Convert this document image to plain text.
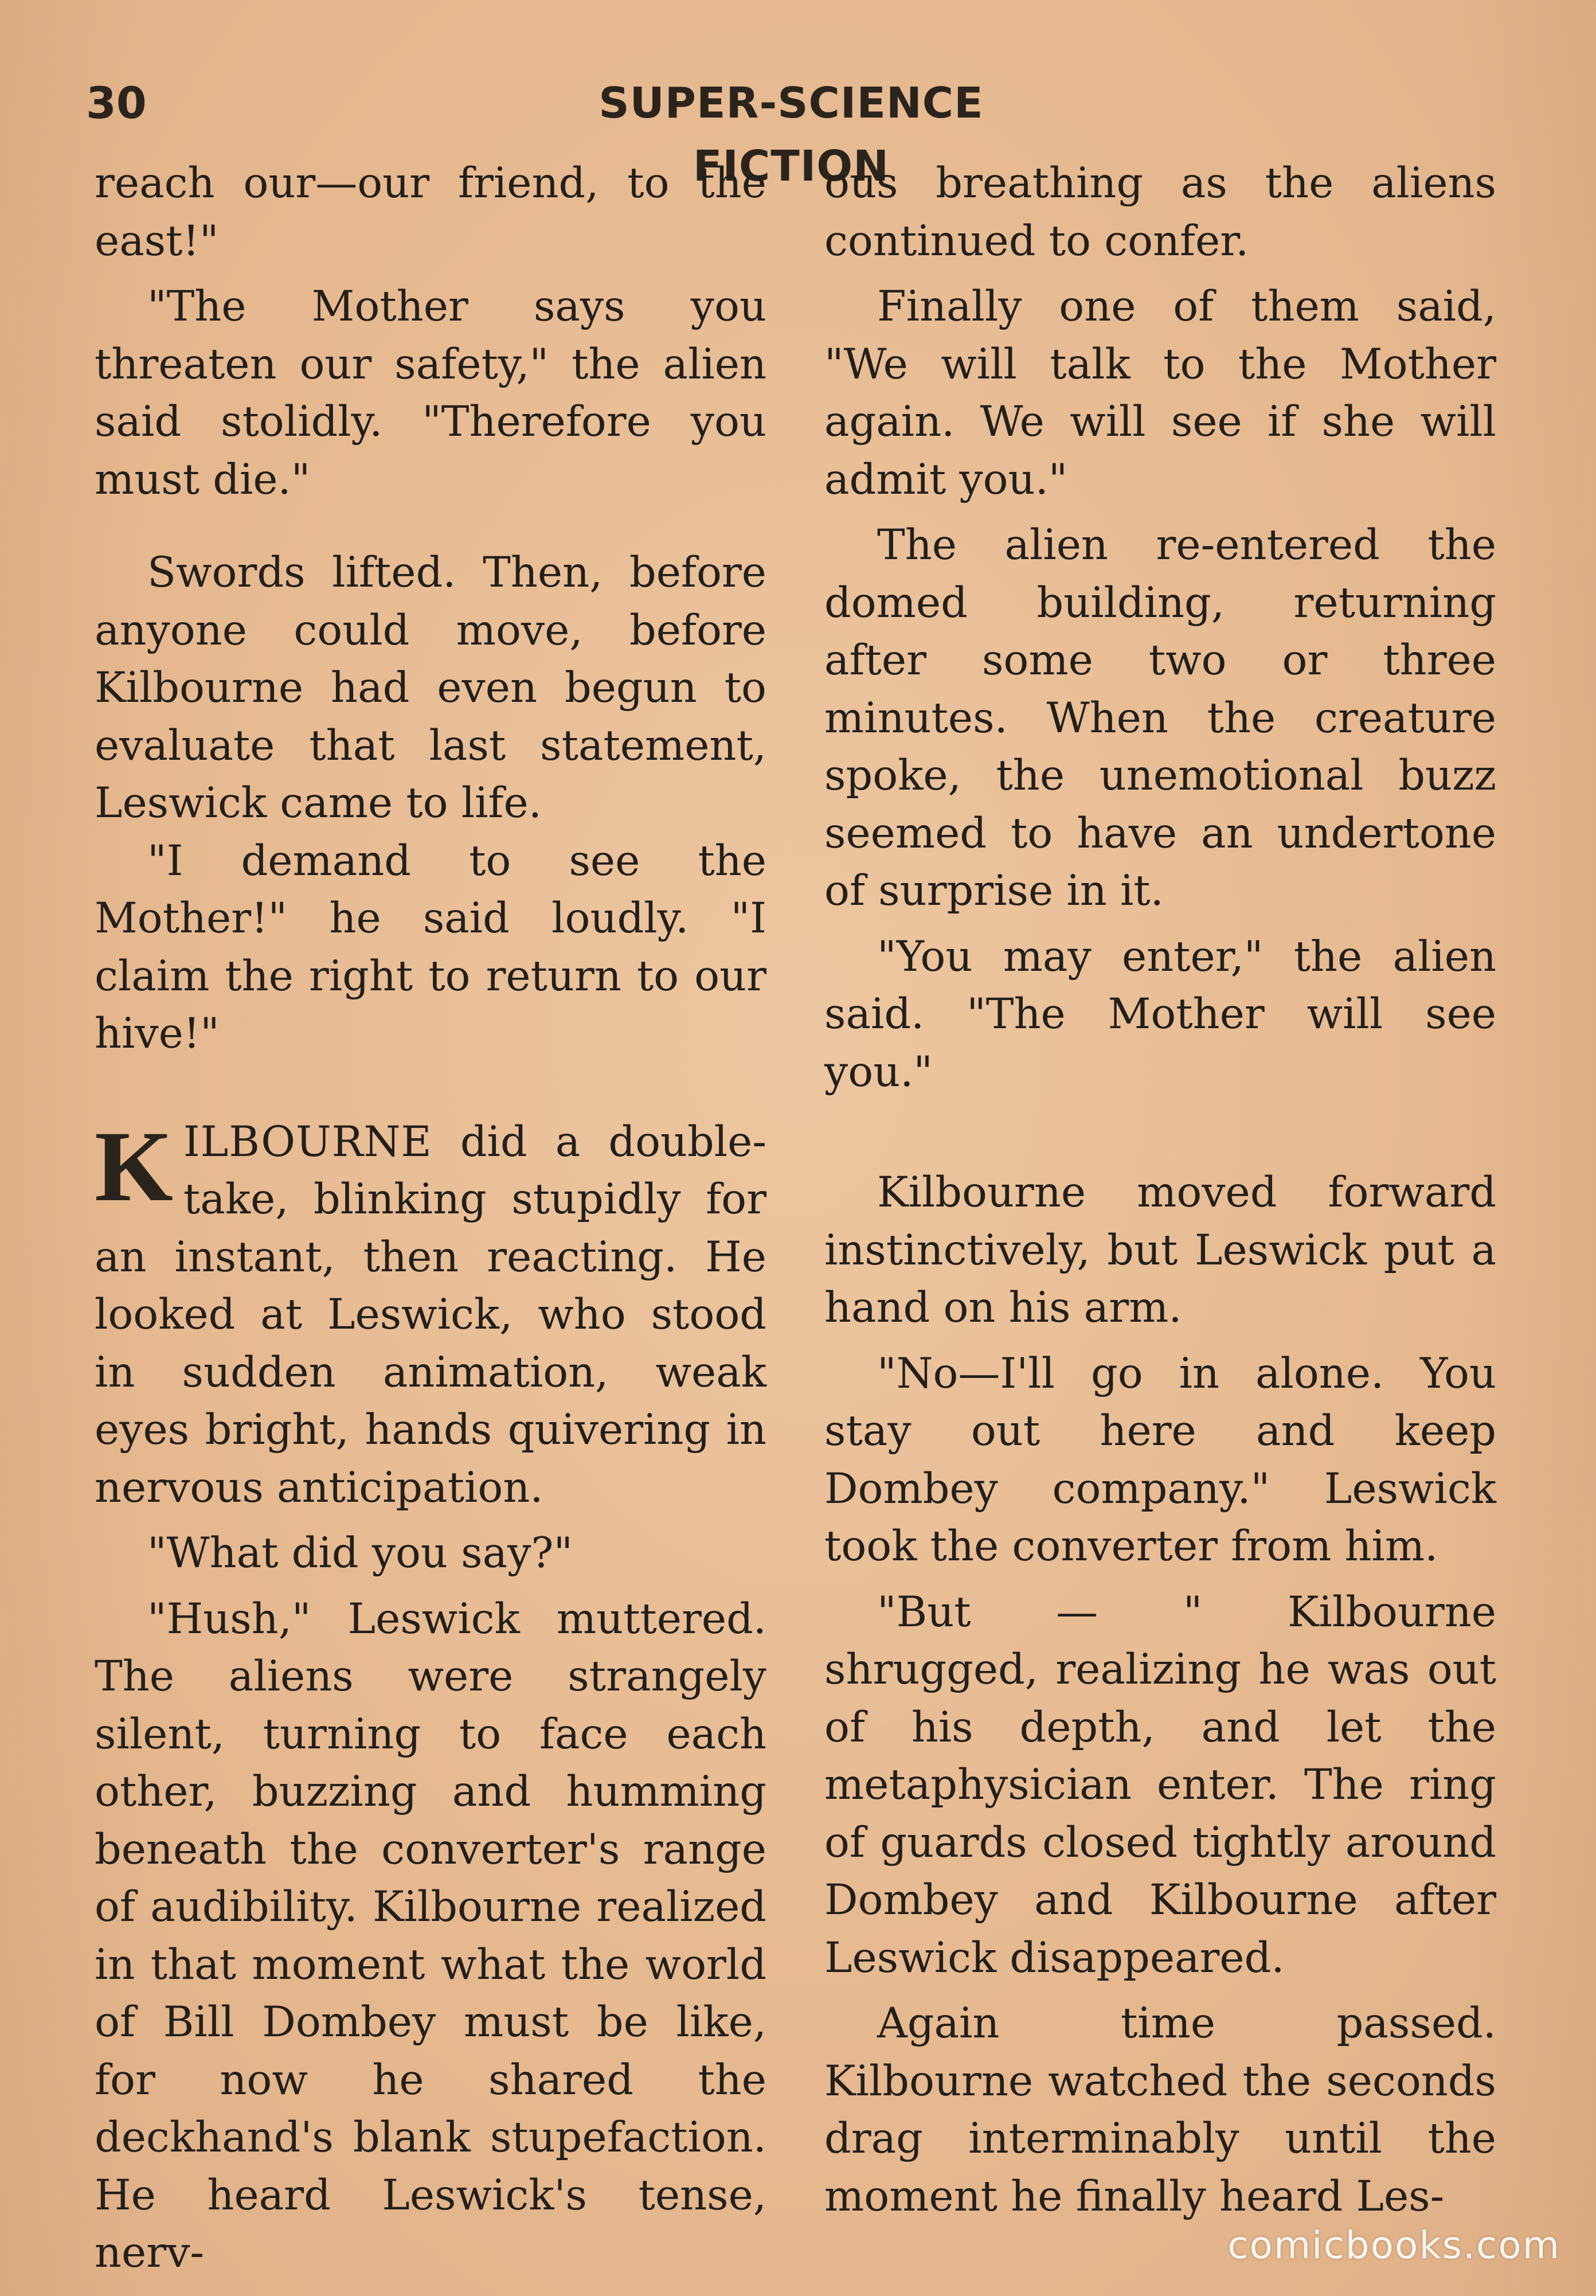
30	SUPER-SCIENCE FICTION

reach our—our friend, to the east!"

"The Mother says you threaten our safety," the alien said stolidly. "Therefore you must die."

Swords lifted. Then, before anyone could move, before Kilbourne had even begun to evaluate that last statement, Leswick came to life.

"I demand to see the Mother!" he said loudly. "I claim the right to return to our hive!"

KILBOURNE did a double-take, blinking stupidly for an instant, then reacting. He looked at Leswick, who stood in sudden animation, weak eyes bright, hands quivering in nervous anticipation.

"What did you say?"

"Hush," Leswick muttered. The aliens were strangely silent, turning to face each other, buzzing and humming beneath the converter's range of audibility. Kilbourne realized in that moment what the world of Bill Dombey must be like, for now he shared the deckhand's blank stupefaction. He heard Leswick's tense, nerv-

ous breathing as the aliens continued to confer.

Finally one of them said, "We will talk to the Mother again. We will see if she will admit you."

The alien re-entered the domed building, returning after some two or three minutes. When the creature spoke, the unemotional buzz seemed to have an undertone of surprise in it.

"You may enter," the alien said. "The Mother will see you."

Kilbourne moved forward instinctively, but Leswick put a hand on his arm.

"No—I'll go in alone. You stay out here and keep Dombey company." Leswick took the converter from him.

"But — " Kilbourne shrugged, realizing he was out of his depth, and let the metaphysician enter. The ring of guards closed tightly around Dombey and Kilbourne after Leswick disappeared.

Again time passed. Kilbourne watched the seconds drag interminably until the moment he finally heard Les-

comicbooks.com
